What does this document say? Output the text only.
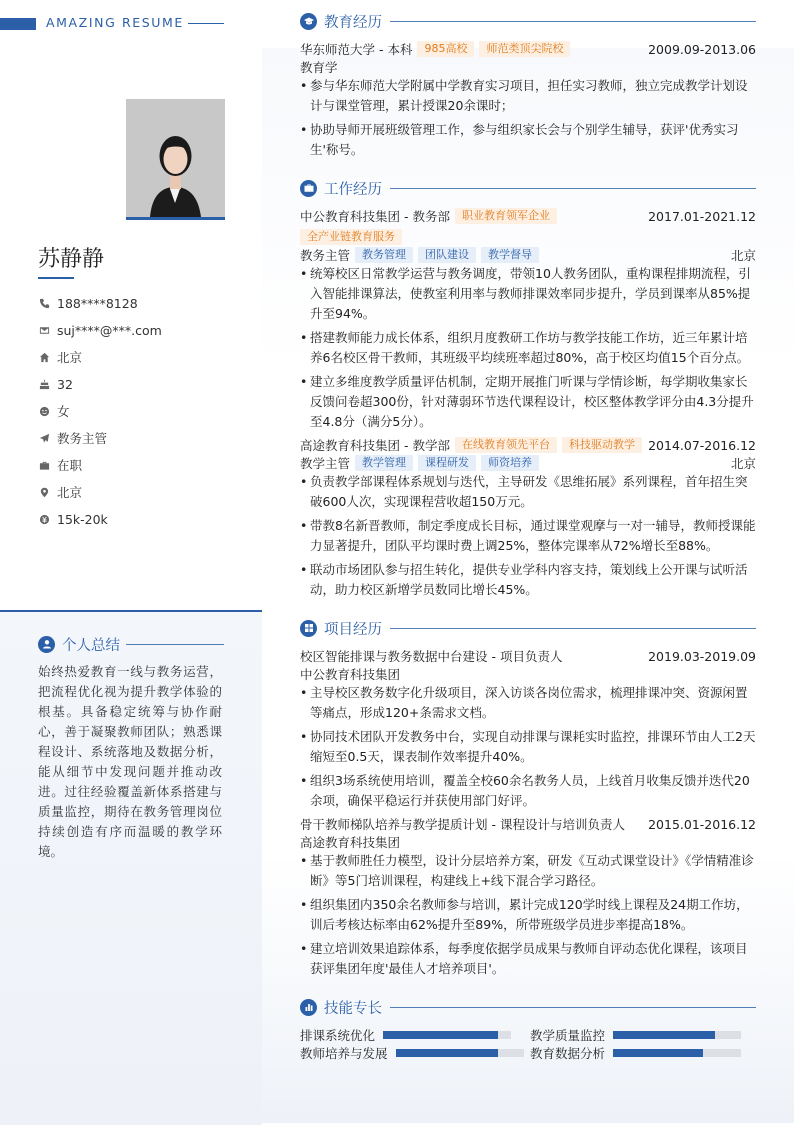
AMAZING RESUME
苏静静
188****8128
suj****@***.com
北京
32
女
教务主管
在职
北京
15k-20k
个人总结
始终热爱教育一线与教务运营，把流程优化视为提升教学体验的根基。具备稳定统筹与协作耐心，善于凝聚教师团队；熟悉课程设计、系统落地及数据分析，能从细节中发现问题并推动改进。过往经验覆盖新体系搭建与质量监控，期待在教务管理岗位持续创造有序而温暖的教学环境。
教育经历
华东师范大学 - 本科	985高校	师范类顶尖院校	2009.09-2013.06
教育学
• 参与华东师范大学附属中学教育实习项目，担任实习教师，独立完成教学计划设计与课堂管理，累计授课20余课时；
• 协助导师开展班级管理工作，参与组织家长会与个别学生辅导，获评'优秀实习生'称号。
工作经历
中公教育科技集团 - 教务部	职业教育领军企业	2017.01-2021.12
全产业链教育服务
教务主管	教务管理	团队建设	教学督导	北京
• 统筹校区日常教学运营与教务调度，带领10人教务团队，重构课程排期流程，引入智能排课算法，使教室利用率与教师排课效率同步提升，学员到课率从85%提升至94%。
• 搭建教师能力成长体系，组织月度教研工作坊与教学技能工作坊，近三年累计培养6名校区骨干教师，其班级平均续班率超过80%，高于校区均值15个百分点。
• 建立多维度教学质量评估机制，定期开展推门听课与学情诊断，每学期收集家长反馈问卷超300份，针对薄弱环节迭代课程设计，校区整体教学评分由4.3分提升至4.8分（满分5分）。
高途教育科技集团 - 教学部	在线教育领先平台	科技驱动教学	2014.07-2016.12
教学主管	教学管理	课程研发	师资培养	北京
• 负责教学部课程体系规划与迭代，主导研发《思维拓展》系列课程，首年招生突破600人次，实现课程营收超150万元。
• 带教8名新晋教师，制定季度成长目标，通过课堂观摩与一对一辅导，教师授课能力显著提升，团队平均课时费上调25%，整体完课率从72%增长至88%。
• 联动市场团队参与招生转化，提供专业学科内容支持，策划线上公开课与试听活动，助力校区新增学员数同比增长45%。
项目经历
校区智能排课与教务数据中台建设 - 项目负责人	2019.03-2019.09
中公教育科技集团
• 主导校区教务数字化升级项目，深入访谈各岗位需求，梳理排课冲突、资源闲置等痛点，形成120+条需求文档。
• 协同技术团队开发教务中台，实现自动排课与课耗实时监控，排课环节由人工2天缩短至0.5天，课表制作效率提升40%。
• 组织3场系统使用培训，覆盖全校60余名教务人员，上线首月收集反馈并迭代20余项，确保平稳运行并获使用部门好评。
骨干教师梯队培养与教学提质计划 - 课程设计与培训负责人 2015.01-2016.12
高途教育科技集团
• 基于教师胜任力模型，设计分层培养方案，研发《互动式课堂设计》《学情精准诊断》等5门培训课程，构建线上+线下混合学习路径。
• 组织集团内350余名教师参与培训，累计完成120学时线上课程及24期工作坊，训后考核达标率由62%提升至89%，所带班级学员进步率提高18%。
• 建立培训效果追踪体系，每季度依据学员成果与教师自评动态优化课程，该项目获评集团年度'最佳人才培养项目'。
技能专长
排课系统优化	教学质量监控
教师培养与发展	教育数据分析
